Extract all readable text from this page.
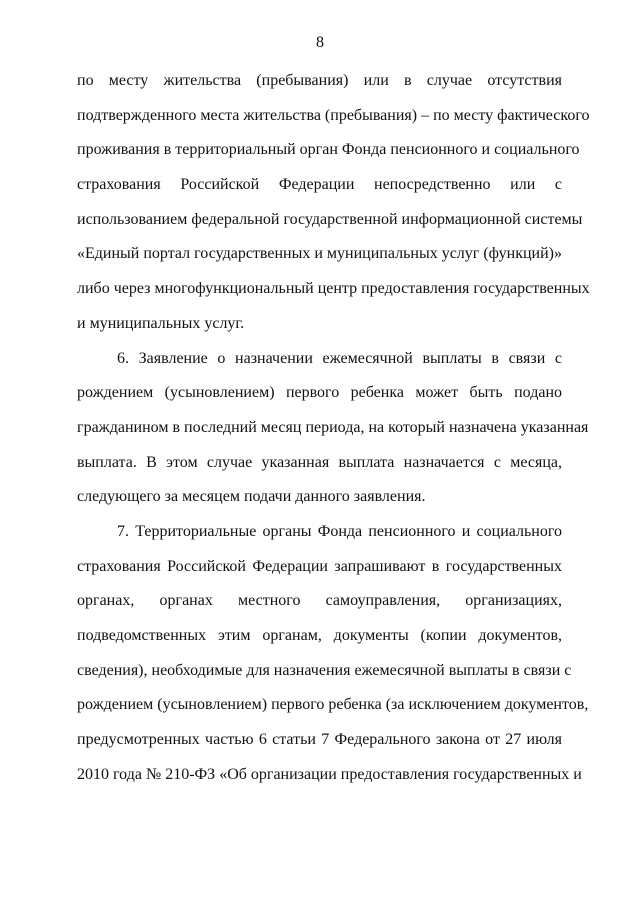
8
по месту жительства (пребывания) или в случае отсутствия
подтвержденного места жительства (пребывания) – по месту фактического
проживания в территориальный орган Фонда пенсионного и социального
страхования Российской Федерации непосредственно или с
использованием федеральной государственной информационной системы
«Единый портал государственных и муниципальных услуг (функций)»
либо через многофункциональный центр предоставления государственных
и муниципальных услуг.
6. Заявление о назначении ежемесячной выплаты в связи с
рождением (усыновлением) первого ребенка может быть подано
гражданином в последний месяц периода, на который назначена указанная
выплата. В этом случае указанная выплата назначается с месяца,
следующего за месяцем подачи данного заявления.
7. Территориальные органы Фонда пенсионного и социального
страхования Российской Федерации запрашивают в государственных
органах, органах местного самоуправления, организациях,
подведомственных этим органам, документы (копии документов,
сведения), необходимые для назначения ежемесячной выплаты в связи с
рождением (усыновлением) первого ребенка (за исключением документов,
предусмотренных частью 6 статьи 7 Федерального закона от 27 июля
2010 года № 210-ФЗ «Об организации предоставления государственных и
